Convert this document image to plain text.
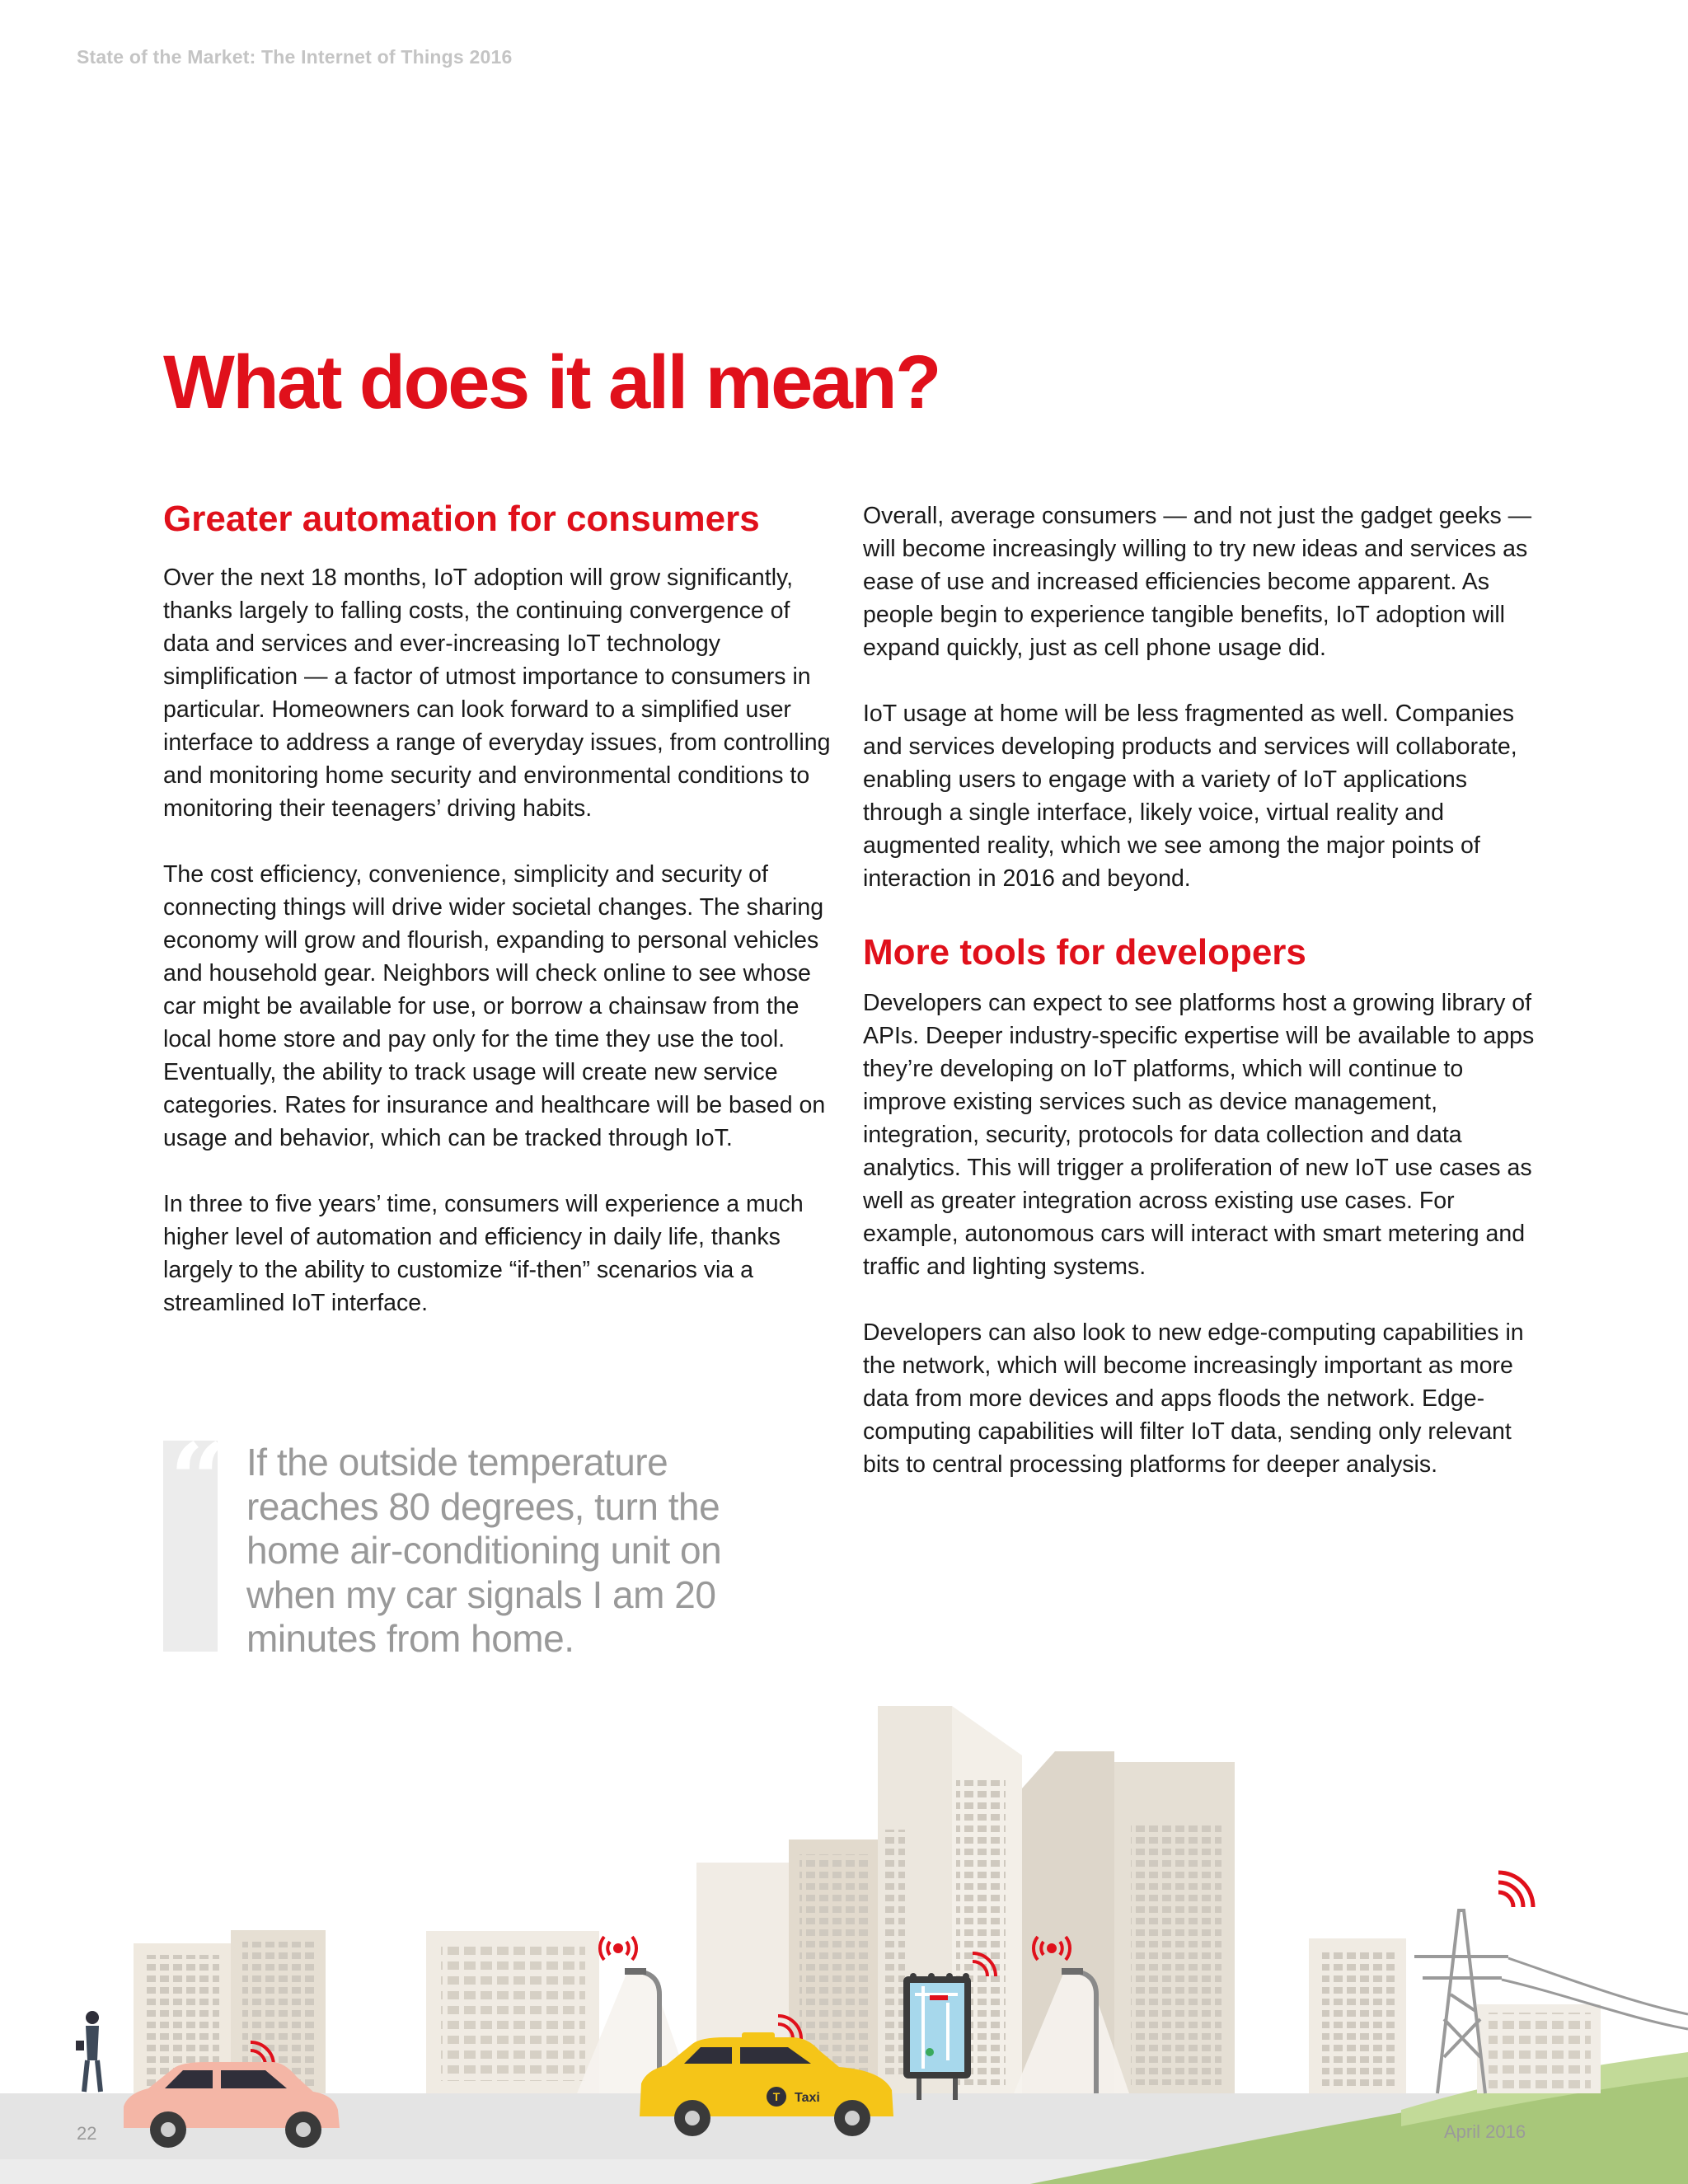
State of the Market: The Internet of Things 2016
What does it all mean?
Greater automation for consumers

Over the next 18 months, IoT adoption will grow significantly, thanks largely to falling costs, the continuing convergence of data and services and ever-increasing IoT technology simplification — a factor of utmost importance to consumers in particular. Homeowners can look forward to a simplified user interface to address a range of everyday issues, from controlling and monitoring home security and environmental conditions to monitoring their teenagers’ driving habits.

The cost efficiency, convenience, simplicity and security of connecting things will drive wider societal changes. The sharing economy will grow and flourish, expanding to personal vehicles and household gear. Neighbors will check online to see whose car might be available for use, or borrow a chainsaw from the local home store and pay only for the time they use the tool. Eventually, the ability to track usage will create new service categories. Rates for insurance and healthcare will be based on usage and behavior, which can be tracked through IoT.

In three to five years’ time, consumers will experience a much higher level of automation and efficiency in daily life, thanks largely to the ability to customize “if-then” scenarios via a streamlined IoT interface.

“ If the outside temperature reaches 80 degrees, turn the home air-conditioning unit on when my car signals I am 20 minutes from home.

Overall, average consumers — and not just the gadget geeks — will become increasingly willing to try new ideas and services as ease of use and increased efficiencies become apparent. As people begin to experience tangible benefits, IoT adoption will expand quickly, just as cell phone usage did.

IoT usage at home will be less fragmented as well. Companies and services developing products and services will collaborate, enabling users to engage with a variety of IoT applications through a single interface, likely voice, virtual reality and augmented reality, which we see among the major points of interaction in 2016 and beyond.

More tools for developers

Developers can expect to see platforms host a growing library of APIs. Deeper industry-specific expertise will be available to apps they’re developing on IoT platforms, which will continue to improve existing services such as device management, integration, security, protocols for data collection and data analytics. This will trigger a proliferation of new IoT use cases as well as greater integration across existing use cases. For example, autonomous cars will interact with smart metering and traffic and lighting systems.

Developers can also look to new edge-computing capabilities in the network, which will become increasingly important as more data from more devices and apps floods the network. Edge-computing capabilities will filter IoT data, sending only relevant bits to central processing platforms for deeper analysis.

T Taxi
22	April 2016
